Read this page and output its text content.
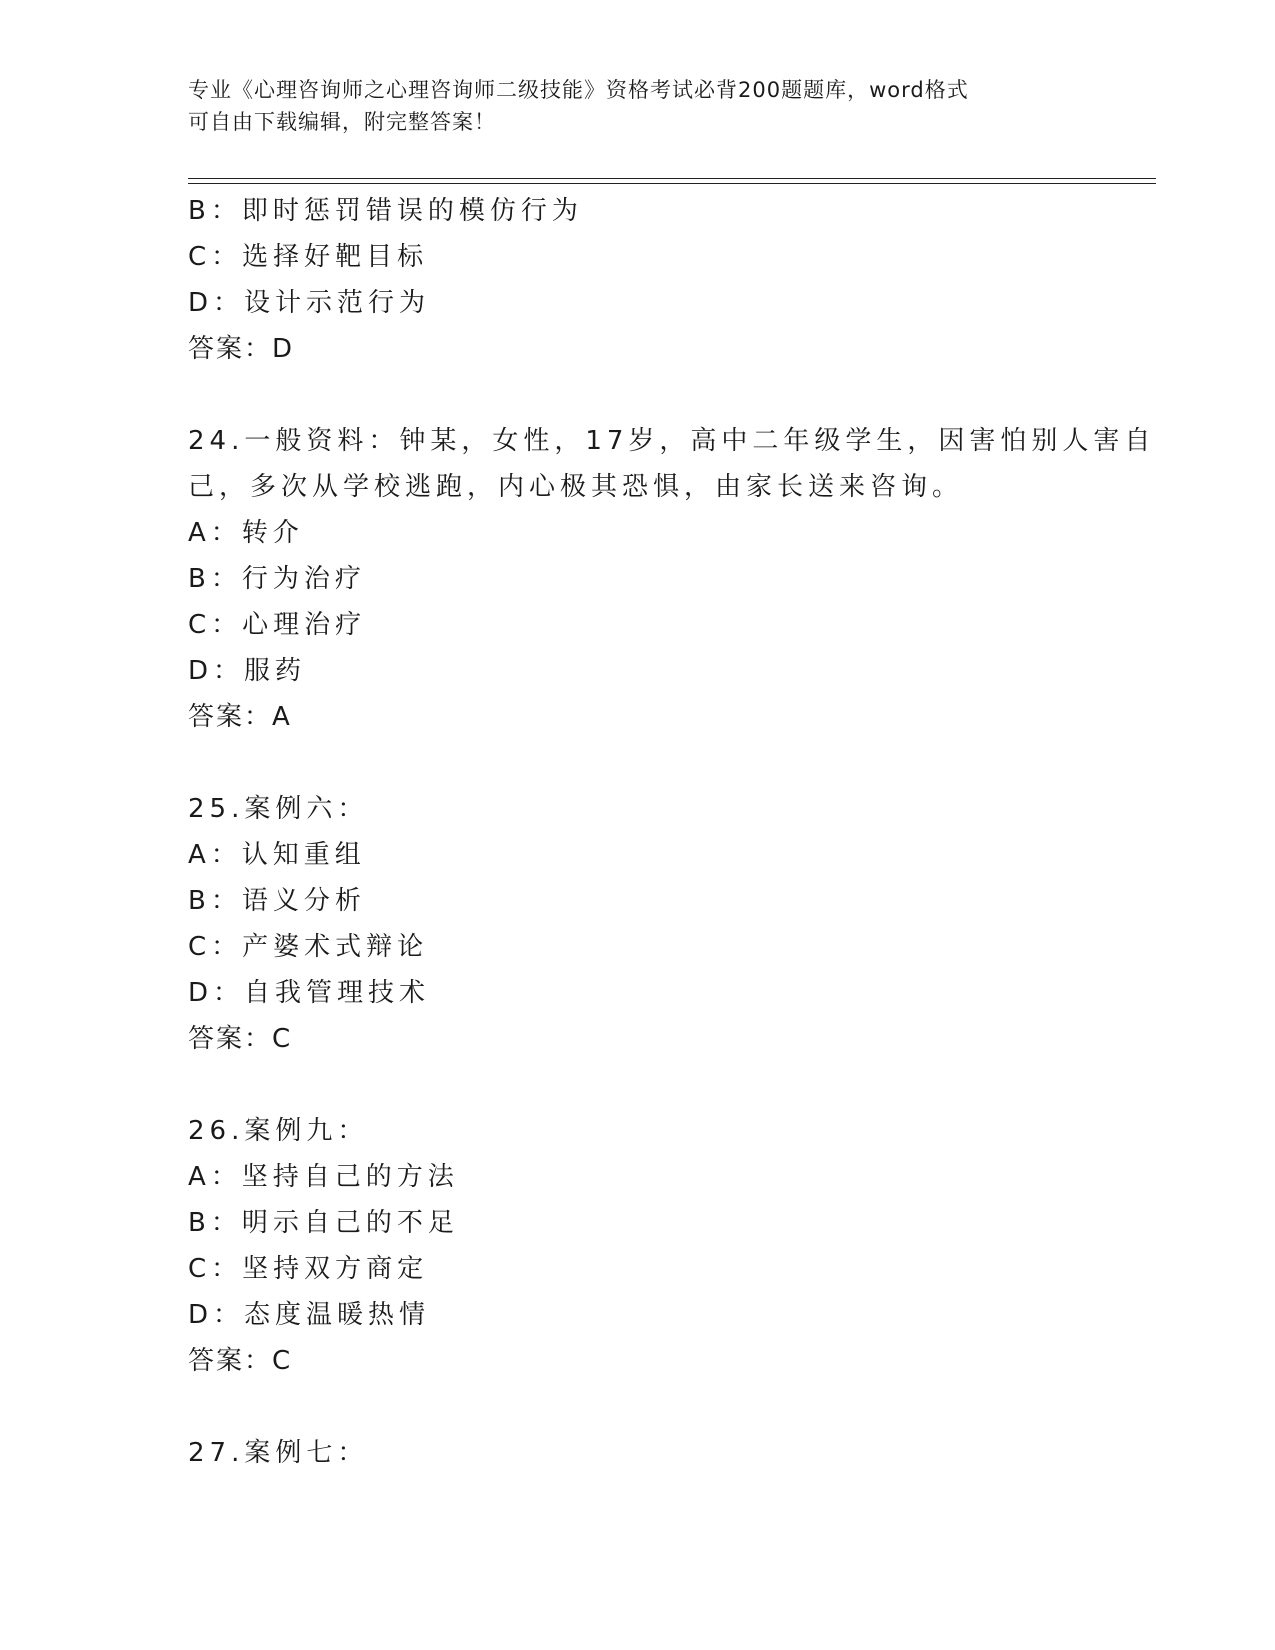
专业《心理咨询师之心理咨询师二级技能》资格考试必背200题题库，word格式
可自由下载编辑，附完整答案！
B：即时惩罚错误的模仿行为
C：选择好靶目标
D：设计示范行为
答案：D
24.一般资料：钟某，女性，17岁，高中二年级学生，因害怕别人害自
己，多次从学校逃跑，内心极其恐惧，由家长送来咨询。
A：转介
B：行为治疗
C：心理治疗
D：服药
答案：A
25.案例六：
A：认知重组
B：语义分析
C：产婆术式辩论
D：自我管理技术
答案：C
26.案例九：
A：坚持自己的方法
B：明示自己的不足
C：坚持双方商定
D：态度温暖热情
答案：C
27.案例七：
